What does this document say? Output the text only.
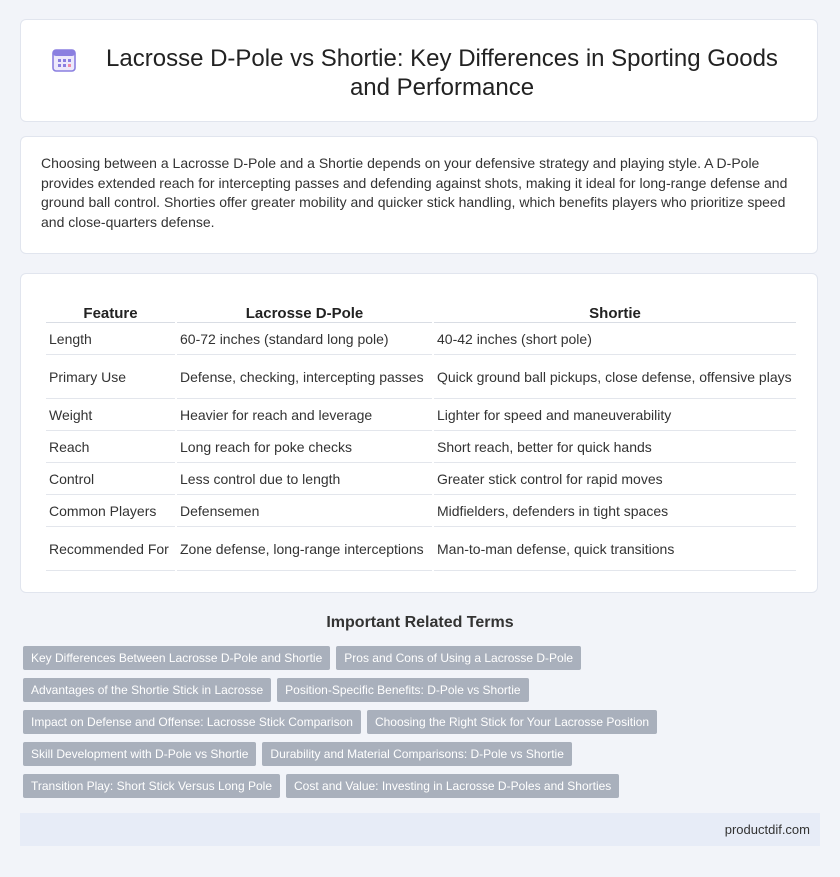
Lacrosse D-Pole vs Shortie: Key Differences in Sporting Goods and Performance

Choosing between a Lacrosse D-Pole and a Shortie depends on your defensive strategy and playing style. A D-Pole provides extended reach for intercepting passes and defending against shots, making it ideal for long-range defense and ground ball control. Shorties offer greater mobility and quicker stick handling, which benefits players who prioritize speed and close-quarters defense.

Feature	Lacrosse D-Pole	Shortie
Length	60-72 inches (standard long pole)	40-42 inches (short pole)
Primary Use	Defense, checking, intercepting passes	Quick ground ball pickups, close defense, offensive plays
Weight	Heavier for reach and leverage	Lighter for speed and maneuverability
Reach	Long reach for poke checks	Short reach, better for quick hands
Control	Less control due to length	Greater stick control for rapid moves
Common Players	Defensemen	Midfielders, defenders in tight spaces
Recommended For	Zone defense, long-range interceptions	Man-to-man defense, quick transitions
Important Related Terms
Key Differences Between Lacrosse D-Pole and Shortie	Pros and Cons of Using a Lacrosse D-Pole
Advantages of the Shortie Stick in Lacrosse	Position-Specific Benefits: D-Pole vs Shortie
Impact on Defense and Offense: Lacrosse Stick Comparison	Choosing the Right Stick for Your Lacrosse Position
Skill Development with D-Pole vs Shortie	Durability and Material Comparisons: D-Pole vs Shortie
Transition Play: Short Stick Versus Long Pole	Cost and Value: Investing in Lacrosse D-Poles and Shorties
productdif.com
